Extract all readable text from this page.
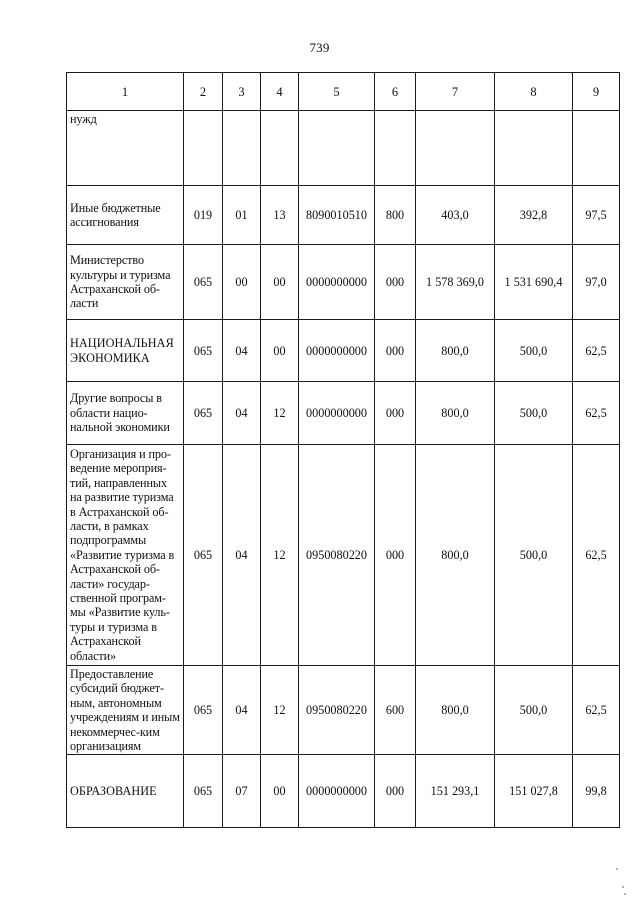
739
1	2	3	4	5	6	7	8	9
нужд								
Иные бюджетные ассигнования	019	01	13	8090010510	800	403,0	392,8	97,5
Министерство культуры и туризма Астраханской об-ласти	065	00	00	0000000000	000	1 578 369,0	1 531 690,4	97,0
НАЦИОНАЛЬНАЯ ЭКОНОМИКА	065	04	00	0000000000	000	800,0	500,0	62,5
Другие вопросы в области нацио-нальной экономики	065	04	12	0000000000	000	800,0	500,0	62,5
Организация и про-ведение мероприя-тий, направленных на развитие туризма в Астраханской об-ласти, в рамках подпрограммы «Развитие туризма в Астраханской об-ласти» государ-ственной програм-мы «Развитие куль-туры и туризма в Астраханской области»	065	04	12	0950080220	000	800,0	500,0	62,5
Предоставление субсидий бюджет-ным, автономным учреждениям и иным некоммерчес-ким организациям	065	04	12	0950080220	600	800,0	500,0	62,5
ОБРАЗОВАНИЕ	065	07	00	0000000000	000	151 293,1	151 027,8	99,8
